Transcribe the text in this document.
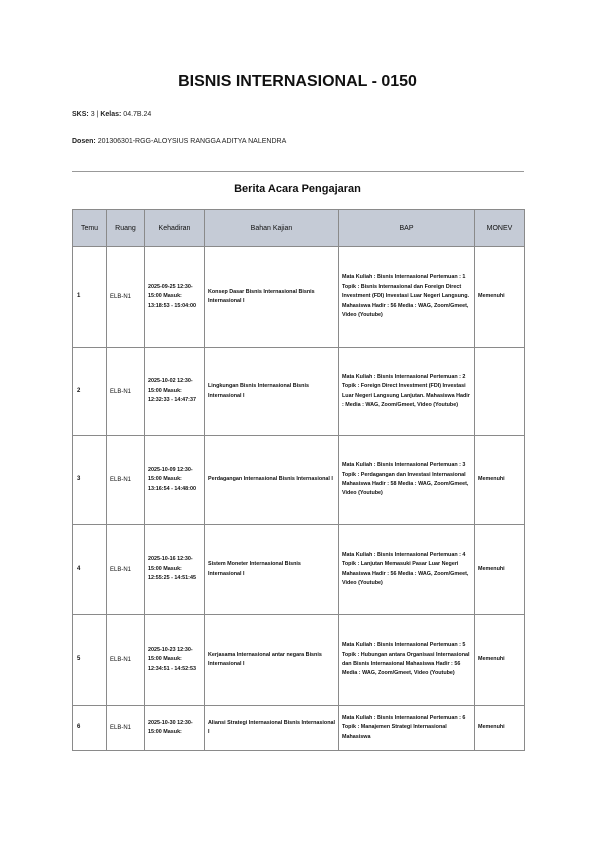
BISNIS INTERNASIONAL - 0150
SKS: 3 | Kelas: 04.7B.24
Dosen: 201306301-RGG-ALOYSIUS RANGGA ADITYA NALENDRA
Berita Acara Pengajaran
Temu	Ruang	Kehadiran	Bahan Kajian	BAP	MONEV
1	ELB-N1	2025-09-25 12:30-15:00 Masuk: 13:18:53 - 15:04:00	Konsep Dasar Bisnis Internasional Bisnis Internasional I	Mata Kuliah : Bisnis Internasional Pertemuan : 1 Topik : Bisnis Internasional dan Foreign Direct Investment (FDI) Investasi Luar Negeri Langsung. Mahasiswa Hadir : 56 Media : WAG, Zoom/Gmeet, Video (Youtube)	Memenuhi
2	ELB-N1	2025-10-02 12:30-15:00 Masuk: 12:32:33 - 14:47:37	Lingkungan Bisnis Internasional Bisnis Internasional I	Mata Kuliah : Bisnis Internasional Pertemuan : 2 Topik : Foreign Direct Investment (FDI) Investasi Luar Negeri Langsung Lanjutan. Mahasiswa Hadir : Media : WAG, Zoom/Gmeet, Video (Youtube)	
3	ELB-N1	2025-10-09 12:30-15:00 Masuk: 13:16:54 - 14:48:00	Perdagangan Internasional Bisnis Internasional I	Mata Kuliah : Bisnis Internasional Pertemuan : 3 Topik : Perdagangan dan Investasi Internasional Mahasiswa Hadir : 58 Media : WAG, Zoom/Gmeet, Video (Youtube)	Memenuhi
4	ELB-N1	2025-10-16 12:30-15:00 Masuk: 12:55:25 - 14:51:45	Sistem Moneter Internasional Bisnis Internasional I	Mata Kuliah : Bisnis Internasional Pertemuan : 4 Topik : Lanjutan Memasuki Pasar Luar Negeri Mahasiswa Hadir : 56 Media : WAG, Zoom/Gmeet, Video (Youtube)	Memenuhi
5	ELB-N1	2025-10-23 12:30-15:00 Masuk: 12:34:51 - 14:52:53	Kerjasama Internasional antar negara Bisnis Internasional I	Mata Kuliah : Bisnis Internasional Pertemuan : 5 Topik : Hubungan antara Organisasi Internasional dan Bisnis Internasional Mahasiswa Hadir : 56 Media : WAG, Zoom/Gmeet, Video (Youtube)	Memenuhi
6	ELB-N1	2025-10-30 12:30-15:00 Masuk:	Aliansi Strategi Internasional Bisnis Internasional I	Mata Kuliah : Bisnis Internasional Pertemuan : 6 Topik : Manajemen Strategi Internasional Mahasiswa	Memenuhi
